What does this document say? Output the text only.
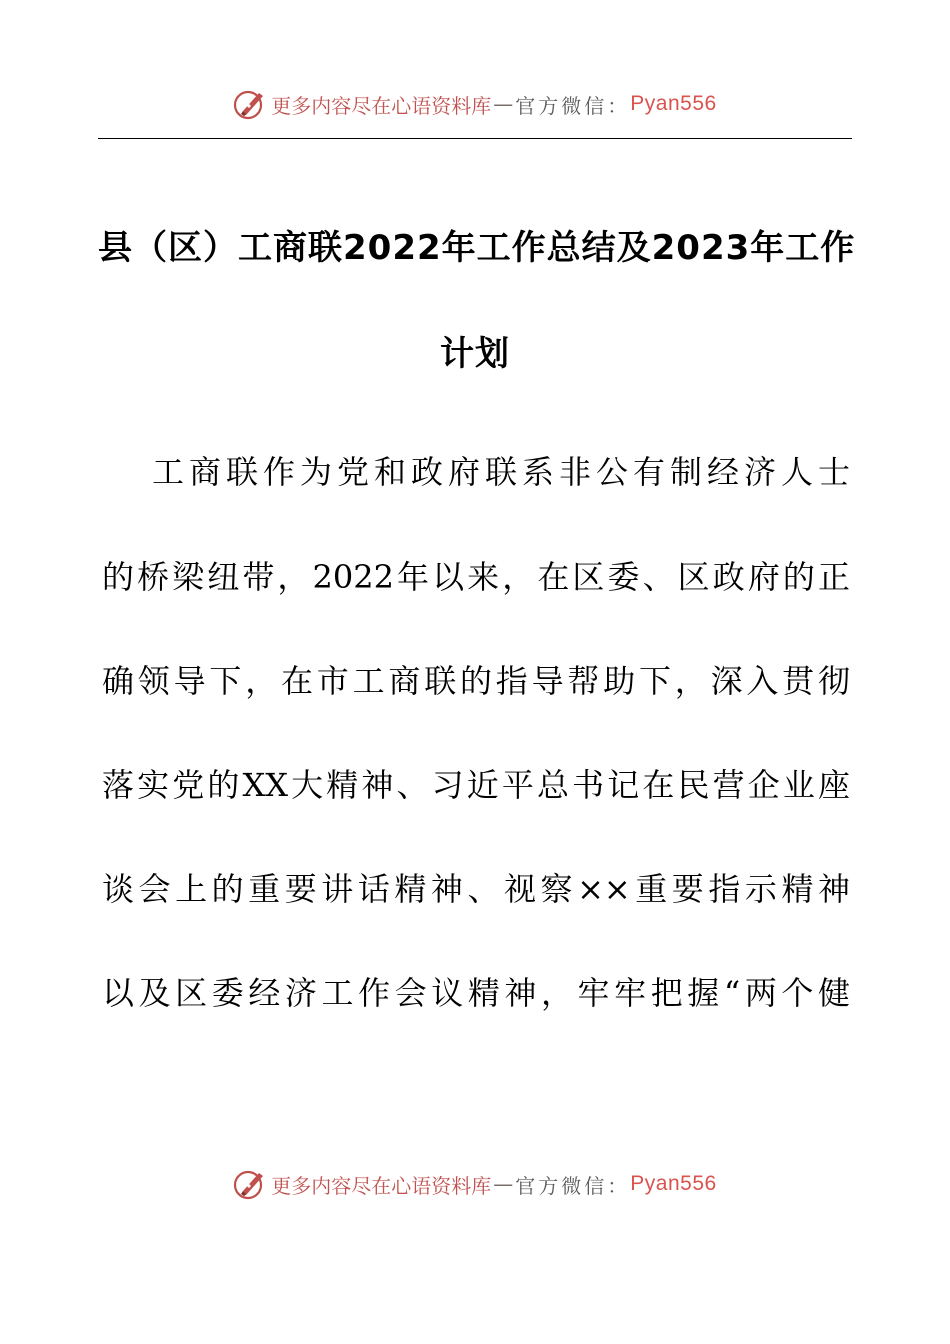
更多内容尽在心语资料库 — 官方微信： Pyan556
县（区）工商联2022年工作总结及2023年工作
计划
工商联作为党和政府联系非公有制经济人士
的桥梁纽带，2022年以来，在区委、区政府的正
确领导下，在市工商联的指导帮助下，深入贯彻
落实党的XX大精神、习近平总书记在民营企业座
谈会上的重要讲话精神、视察××重要指示精神
以及区委经济工作会议精神，牢牢把握“两个健
更多内容尽在心语资料库 — 官方微信： Pyan556
